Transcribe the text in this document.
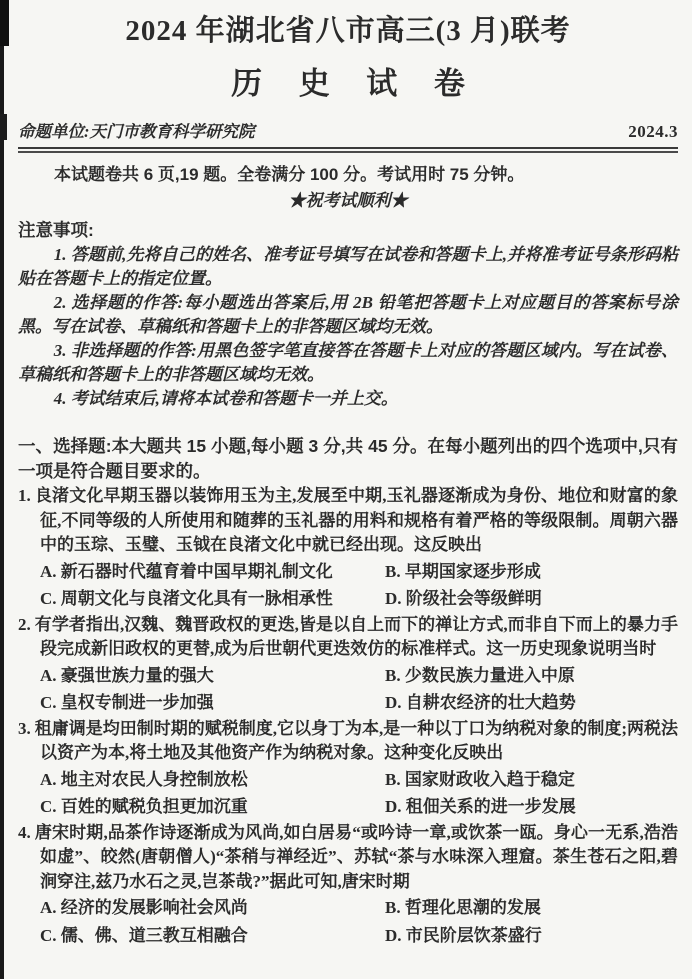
2024 年湖北省八市高三(3 月)联考
历 史 试 卷
命题单位:天门市教育科学研究院	2024.3

本试题卷共 6 页,19 题。全卷满分 100 分。考试用时 75 分钟。

★祝考试顺利★

注意事项:

1. 答题前,先将自己的姓名、准考证号填写在试卷和答题卡上,并将准考证号条形码粘贴在答题卡上的指定位置。

2. 选择题的作答:每小题选出答案后,用 2B 铅笔把答题卡上对应题目的答案标号涂黑。写在试卷、草稿纸和答题卡上的非答题区域均无效。

3. 非选择题的作答:用黑色签字笔直接答在答题卡上对应的答题区域内。写在试卷、草稿纸和答题卡上的非答题区域均无效。

4. 考试结束后,请将本试卷和答题卡一并上交。

一、选择题:本大题共 15 小题,每小题 3 分,共 45 分。在每小题列出的四个选项中,只有一项是符合题目要求的。

1. 良渚文化早期玉器以装饰用玉为主,发展至中期,玉礼器逐渐成为身份、地位和财富的象征,不同等级的人所使用和随葬的玉礼器的用料和规格有着严格的等级限制。周朝六器中的玉琮、玉璧、玉钺在良渚文化中就已经出现。这反映出

A. 新石器时代蕴育着中国早期礼制文化	B. 早期国家逐步形成
C. 周朝文化与良渚文化具有一脉相承性	D. 阶级社会等级鲜明

2. 有学者指出,汉魏、魏晋政权的更迭,皆是以自上而下的禅让方式,而非自下而上的暴力手段完成新旧政权的更替,成为后世朝代更迭效仿的标准样式。这一历史现象说明当时

A. 豪强世族力量的强大	B. 少数民族力量进入中原
C. 皇权专制进一步加强	D. 自耕农经济的壮大趋势

3. 租庸调是均田制时期的赋税制度,它以身丁为本,是一种以丁口为纳税对象的制度;两税法以资产为本,将土地及其他资产作为纳税对象。这种变化反映出

A. 地主对农民人身控制放松	B. 国家财政收入趋于稳定
C. 百姓的赋税负担更加沉重	D. 租佃关系的进一步发展

4. 唐宋时期,品茶作诗逐渐成为风尚,如白居易“或吟诗一章,或饮茶一瓯。身心一无系,浩浩如虚”、皎然(唐朝僧人)“茶稍与禅经近”、苏轼“茶与水味深入理窟。茶生苍石之阳,碧涧穿注,兹乃水石之灵,岂茶哉?”据此可知,唐宋时期

A. 经济的发展影响社会风尚	B. 哲理化思潮的发展
C. 儒、佛、道三教互相融合	D. 市民阶层饮茶盛行
